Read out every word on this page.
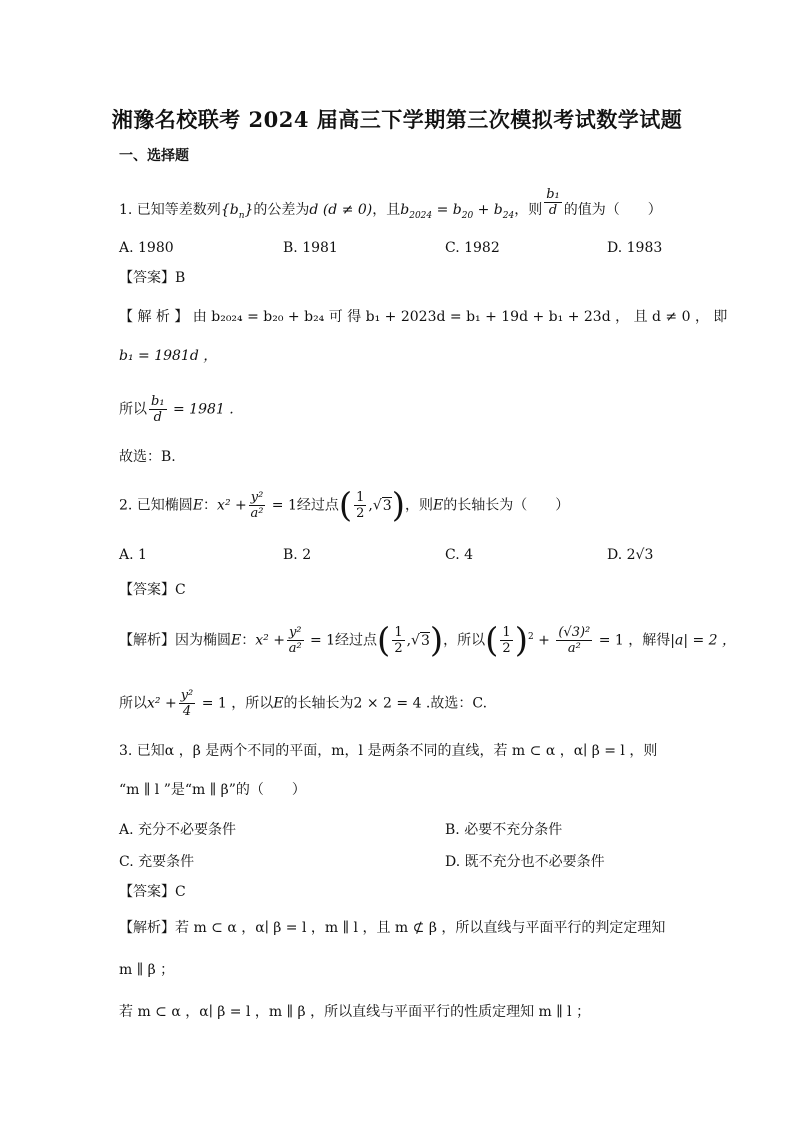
湘豫名校联考 2024 届高三下学期第三次模拟考试数学试题
一、选择题
1. 已知等差数列$\{b_n\}$的公差为d (d ≠ 0)，且$b_{2024} = b_{20} + b_{24}$，则 $\frac{\text{b₁}}{d}$ 的值为（　　）
A. 1980	B. 1981	C. 1982	D. 1983
【答案】B
【 解 析 】 由 b₂₀₂₄ = b₂₀ + b₂₄ 可 得 b₁ + 2023d = b₁ + 19d + b₁ + 23d ， 且 d ≠ 0 ， 即
b₁ = 1981d ，
所以 $\frac{\text{b₁}}{d} = 1981$ .
故选：B.
2. 已知椭圆E：$x^2 + \frac{\text{y²}}{\text{a²}} = 1$经过点( $\frac{1}{2} ,√3$)，则E的长轴长为（　　）
A. 1	B. 2	C. 4	D. 2√3
【答案】C
【解析】因为椭圆E：$x^2 + \frac{\text{y²}}{\text{a²}} = 1$经过点( $\frac{1}{2} ,√3$)，所以( $\frac{1}{2} )^2 + \frac{\text{(√3)²}}{\text{a²}} = 1$ ，解得|a| = 2 ，
所以$x^2 + \frac{\text{y²}}{4} = 1$ ，所以E的长轴长为2 × 2 = 4 .故选：C.
3. 已知α ，β 是两个不同的平面，m，l 是两条不同的直线，若 m ⊂ α ，α∣ β = l ，则
“m ∥ l ”是“m ∥ β”的（　　）
A. 充分不必要条件	B. 必要不充分条件
C. 充要条件	D. 既不充分也不必要条件
【答案】C
【解析】若 m ⊂ α ，α∣ β = l ，m ∥ l ，且 m ⊄ β ，所以直线与平面平行的判定定理知
m ∥ β ；
若 m ⊂ α ，α∣ β = l ，m ∥ β ，所以直线与平面平行的性质定理知 m ∥ l ；
